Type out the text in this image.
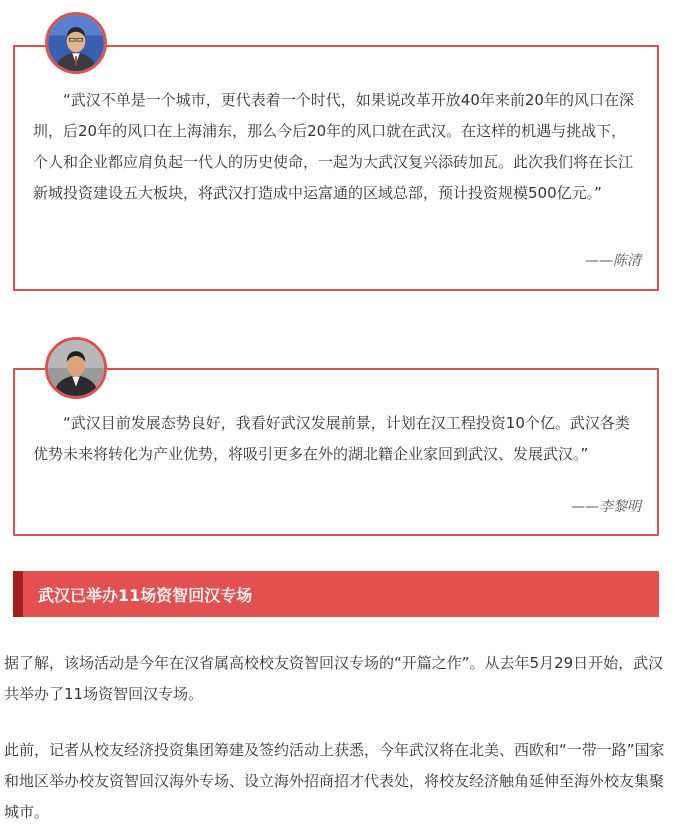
“武汉不单是一个城市，更代表着一个时代，如果说改革开放40年来前20年的风口在深圳，后20年的风口在上海浦东，那么今后20年的风口就在武汉。在这样的机遇与挑战下，个人和企业都应肩负起一代人的历史使命，一起为大武汉复兴添砖加瓦。此次我们将在长江新城投资建设五大板块，将武汉打造成中运富通的区域总部，预计投资规模500亿元。”
——陈清
“武汉目前发展态势良好，我看好武汉发展前景，计划在汉工程投资10个亿。武汉各类优势未来将转化为产业优势，将吸引更多在外的湖北籍企业家回到武汉、发展武汉。”
——李黎明
武汉已举办11场资智回汉专场
据了解，该场活动是今年在汉省属高校校友资智回汉专场的“开篇之作”。从去年5月29日开始，武汉共举办了11场资智回汉专场。
此前，记者从校友经济投资集团筹建及签约活动上获悉，今年武汉将在北美、西欧和“一带一路”国家和地区举办校友资智回汉海外专场、设立海外招商招才代表处，将校友经济触角延伸至海外校友集聚城市。
